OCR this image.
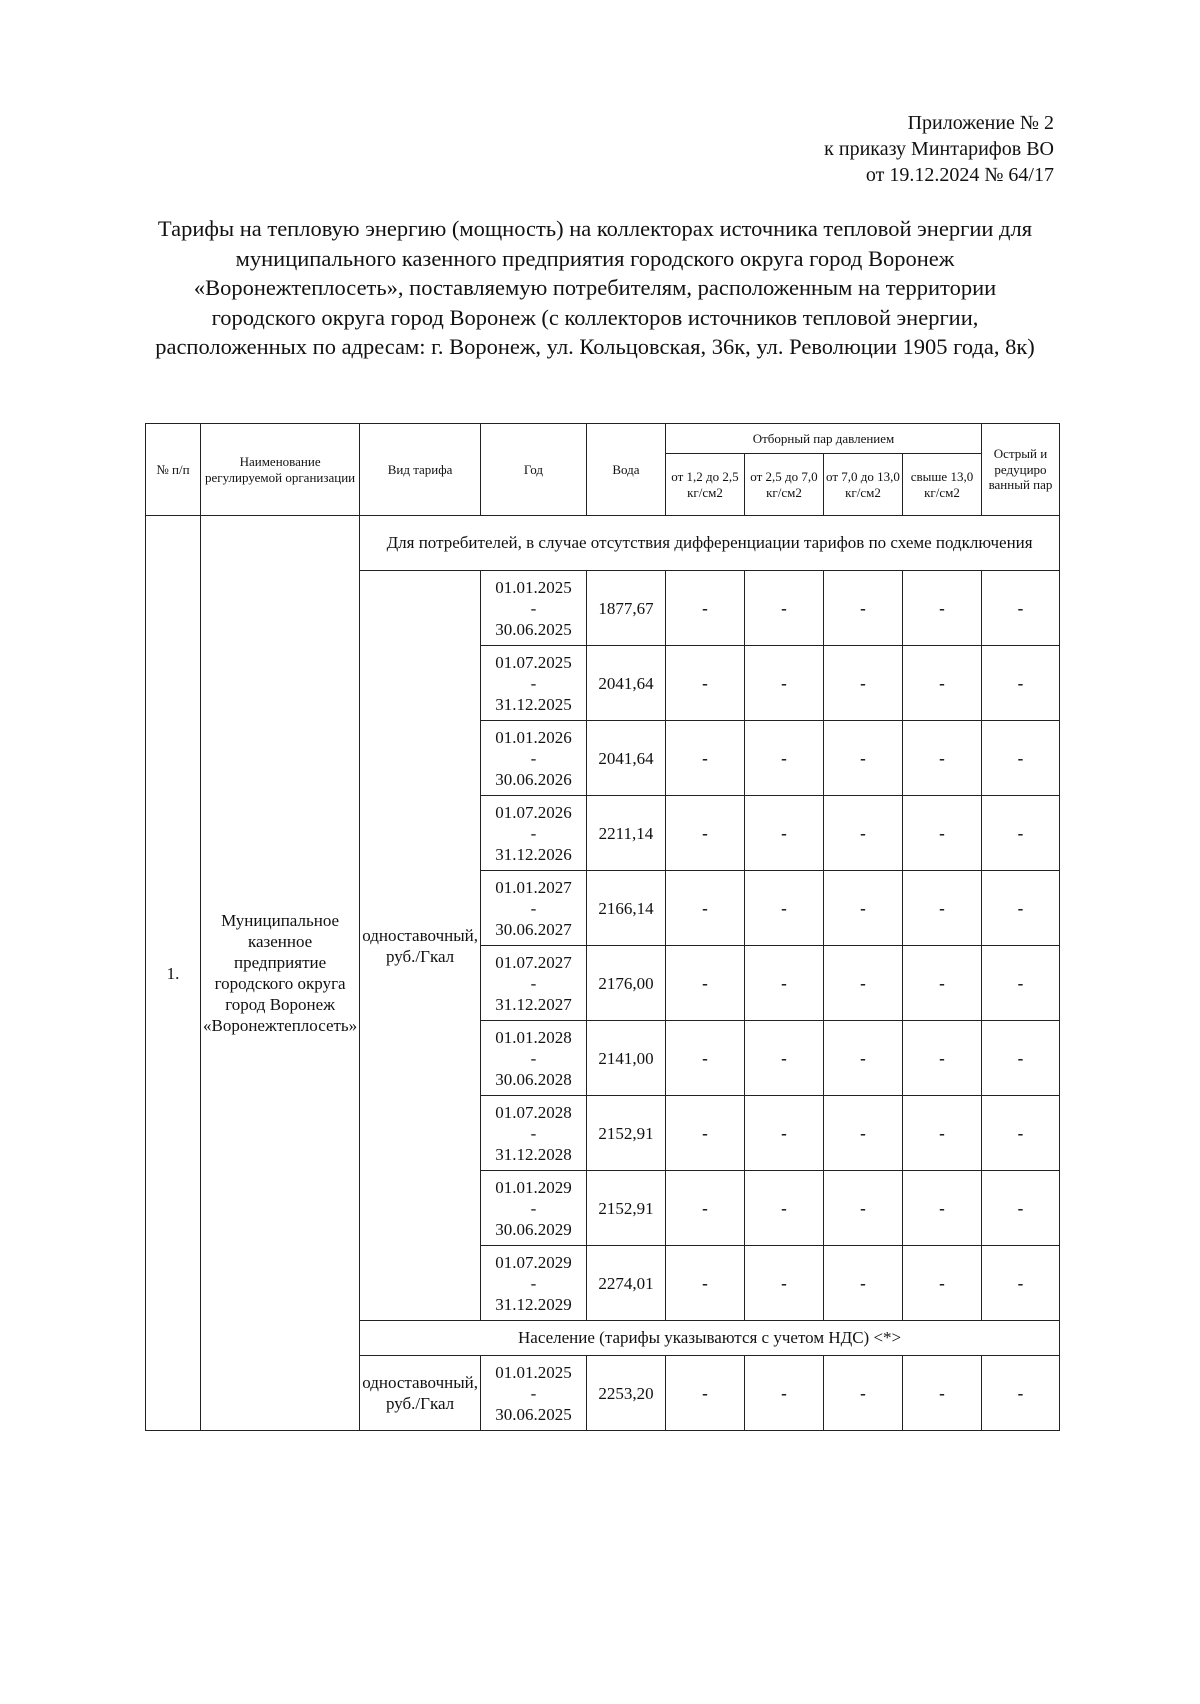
Приложение № 2
к приказу Минтарифов ВО
от 19.12.2024 № 64/17
Тарифы на тепловую энергию (мощность) на коллекторах источника тепловой энергии для муниципального казенного предприятия городского округа город Воронеж «Воронежтеплосеть», поставляемую потребителям, расположенным на территории городского округа город Воронеж (с коллекторов источников тепловой энергии, расположенных по адресам: г. Воронеж, ул. Кольцовская, 36к, ул. Революции 1905 года, 8к)
№ п/п	Наименование регулируемой организации	Вид тарифа	Год	Вода	Отборный пар давлением				Острый и редуциро ванный пар
					от 1,2 до 2,5 кг/см2	от 2,5 до 7,0 кг/см2	от 7,0 до 13,0 кг/см2	свыше 13,0 кг/см2	
1.	Муниципальное казенное предприятие городского округа город Воронеж «Воронежтеплосеть»	Для потребителей, в случае отсутствия дифференциации тарифов по схеме подключения							
		одноставочный, руб./Гкал	01.01.2025
-
30.06.2025	1877,67	-	-	-	-	-

			01.07.2025
-
31.12.2025	2041,64	-	-	-	-	-

			01.01.2026
-
30.06.2026	2041,64	-	-	-	-	-

			01.07.2026
-
31.12.2026	2211,14	-	-	-	-	-

			01.01.2027
-
30.06.2027	2166,14	-	-	-	-	-

			01.07.2027
-
31.12.2027	2176,00	-	-	-	-	-

			01.01.2028
-
30.06.2028	2141,00	-	-	-	-	-

			01.07.2028
-
31.12.2028	2152,91	-	-	-	-	-

			01.01.2029
-
30.06.2029	2152,91	-	-	-	-	-

			01.07.2029
-
31.12.2029	2274,01	-	-	-	-	-
		Население (тарифы указываются с учетом НДС) <*>							
		одноставочный, руб./Гкал	01.01.2025
-
30.06.2025	2253,20	-	-	-	-	-
